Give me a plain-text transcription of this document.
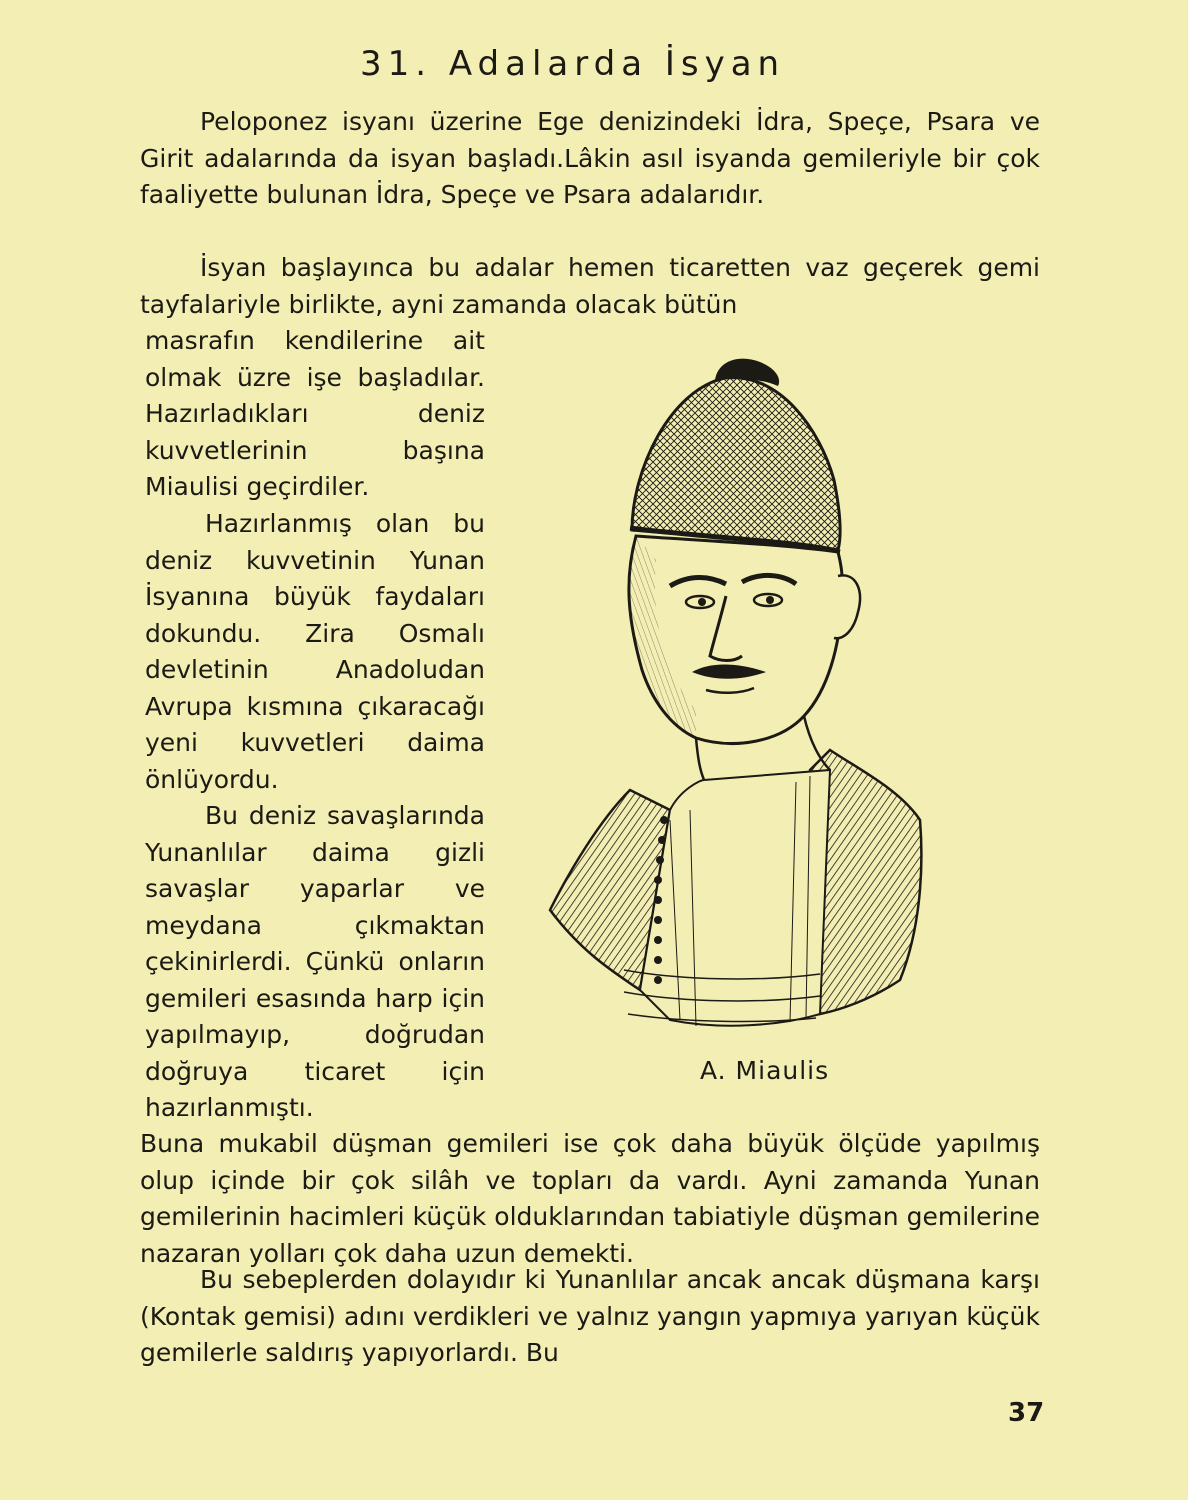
31. Adalarda İsyan
Peloponez isyanı üzerine Ege denizindeki İdra, Speçe, Psara ve Girit adalarında da isyan başladı.Lâkin asıl isyanda gemileriyle bir çok faaliyette bulunan İdra, Speçe ve Psara adalarıdır.
İsyan başlayınca bu adalar hemen ticaretten vaz geçerek gemi tayfalariyle birlikte, ayni zamanda olacak bütün
masrafın kendilerine ait olmak üzre işe başladılar. Hazırladıkları deniz kuvvetlerinin başına Miaulisi geçirdiler.
Hazırlanmış olan bu deniz kuvvetinin Yunan İsyanına büyük faydaları dokundu. Zira Osmalı devletinin Anadoludan Avrupa kısmına çıkaracağı yeni kuvvetleri daima önlüyordu.
Bu deniz savaşlarında Yunanlılar daima gizli savaşlar yaparlar ve meydana çıkmaktan çekinirlerdi. Çünkü onların gemileri esasında harp için yapılmayıp, doğrudan doğruya ticaret için hazırlanmıştı.
Buna mukabil düşman gemileri ise çok daha büyük ölçüde yapılmış olup içinde bir çok silâh ve topları da vardı. Ayni zamanda Yunan gemilerinin hacimleri küçük olduklarından tabiatiyle düşman gemilerine nazaran yolları çok daha uzun demekti.
Bu sebeplerden dolayıdır ki Yunanlılar ancak ancak düşmana karşı (Kontak gemisi) adını verdikleri ve yalnız yangın yapmıya yarıyan küçük gemilerle saldırış yapıyorlardı. Bu
A. Miaulis
37
